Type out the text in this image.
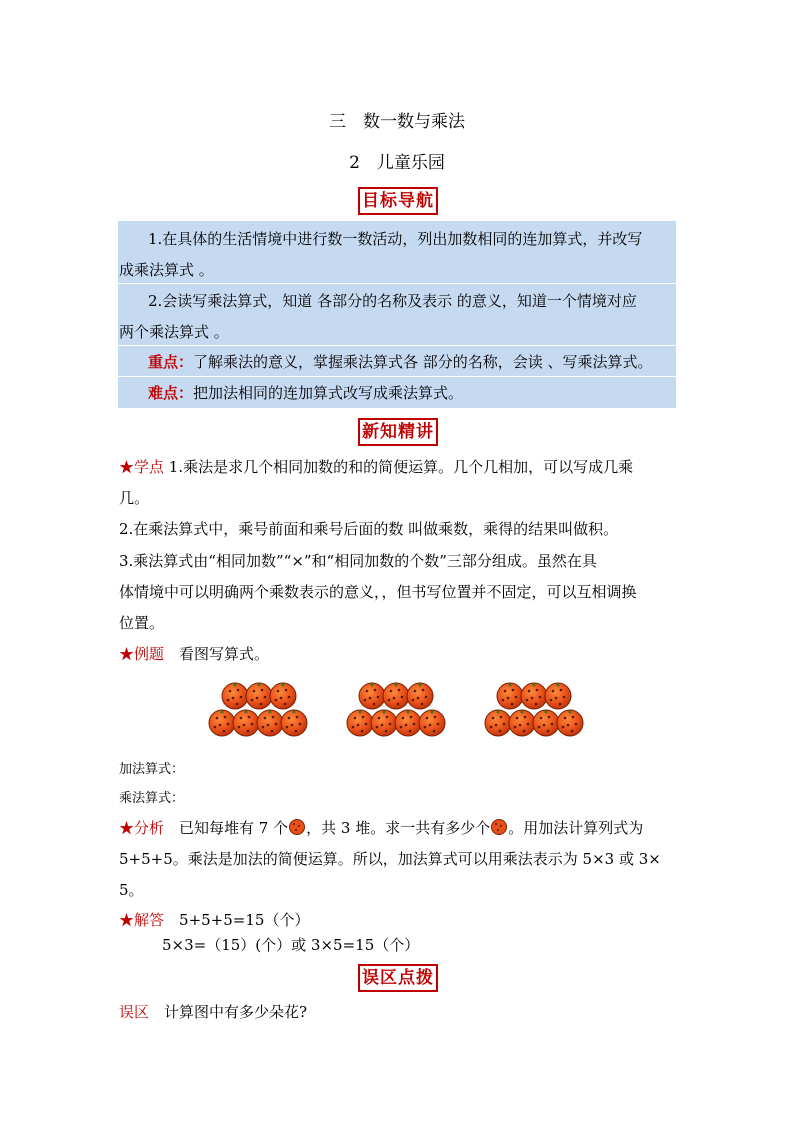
三　数一数与乘法
2　儿童乐园
目标导航
1.在具体的生活情境中进行数一数活动，列出加数相同的连加算式，并改写
成乘法算式 。
2.会读写乘法算式，知道 各部分的名称及表示 的意义，知道一个情境对应
两个乘法算式 。
重点：了解乘法的意义，掌握乘法算式各 部分的名称，会读 、写乘法算式。
难点：把加法相同的连加算式改写成乘法算式。
新知精讲
★学点 1.乘法是求几个相同加数的和的简便运算。几个几相加，可以写成几乘
几。
2.在乘法算式中，乘号前面和乘号后面的数 叫做乘数，乘得的结果叫做积。
3.乘法算式由“相同加数”“×”和“相同加数的个数”三部分组成。虽然在具
体情境中可以明确两个乘数表示的意义，，但书写位置并不固定，可以互相调换
位置。
★例题　看图写算式。
加法算式：
乘法算式：
★分析　已知每堆有 7 个 ，共 3 堆。求一共有多少个 。用加法计算列式为
5+5+5。乘法是加法的简便运算。所以，加法算式可以用乘法表示为 5×3 或 3×
5。
★解答　5+5+5=15（个）
5×3=（15）(个）或 3×5=15（个）
误区点拨
误区　计算图中有多少朵花?
